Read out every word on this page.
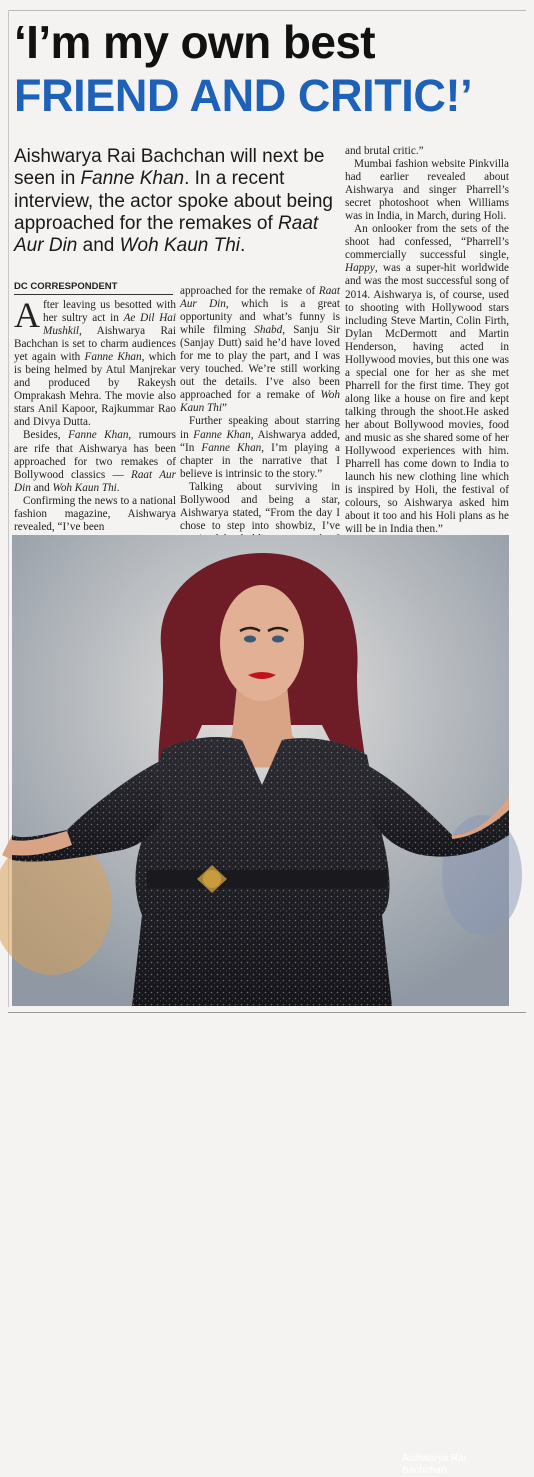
‘I’m my own best
FRIEND AND CRITIC!’
Aishwarya Rai Bachchan will next be seen in Fanne Khan. In a recent interview, the actor spoke about being approached for the remakes of Raat Aur Din and Woh Kaun Thi.
DC CORRESPONDENT

After leaving us besotted with her sultry act in Ae Dil Hai Mushkil, Aishwarya Rai Bachchan is set to charm audiences yet again with Fanne Khan, which is being helmed by Atul Manjrekar and produced by Rakeysh Omprakash Mehra. The movie also stars Anil Kapoor, Rajkummar Rao and Divya Dutta.

Besides, Fanne Khan, rumours are rife that Aishwarya has been approached for two remakes of Bollywood classics — Raat Aur Din and Woh Kaun Thi.

Confirming the news to a national fashion magazine, Aishwarya revealed, “I’ve been

approached for the remake of Raat Aur Din, which is a great opportunity and what’s funny is while filming Shabd, Sanju Sir (Sanjay Dutt) said he’d have loved for me to play the part, and I was very touched. We’re still working out the details. I’ve also been approached for a remake of Woh Kaun Thi”

Further speaking about starring in Fanne Khan, Aishwarya added, “In Fanne Khan, I’m playing a chapter in the narrative that I believe is intrinsic to the story.”

Talking about surviving in Bollywood and being a star, Aishwarya stated, “From the day I chose to step into showbiz, I’ve

and brutal critic.”

Mumbai fashion website Pinkvilla had earlier revealed about Aishwarya and singer Pharrell’s secret photoshoot when Williams was in India, in March, during Holi.

An onlooker from the sets of the shoot had confessed, “Pharrell’s commercially successful single, Happy, was a super-hit worldwide and was the most successful song of 2014. Aishwarya is, of course, used to shooting with Hollywood stars including Steve Martin, Colin Firth, Dylan McDermott and Martin Henderson, having acted in Hollywood movies, but this one was a special one for her as she met Pharrell for the first time. They got along like a house on fire and kept talking through the shoot.He asked her about Bollywood movies, food and music as she shared some of her Hollywood experiences with him. Pharrell has come down to India to launch his new clothing line which is inspired by Holi, the festival of colours, so Aishwarya asked him about it too and his Holi plans as he will be in India then.”

Aishwarya Rai
Bachchan
